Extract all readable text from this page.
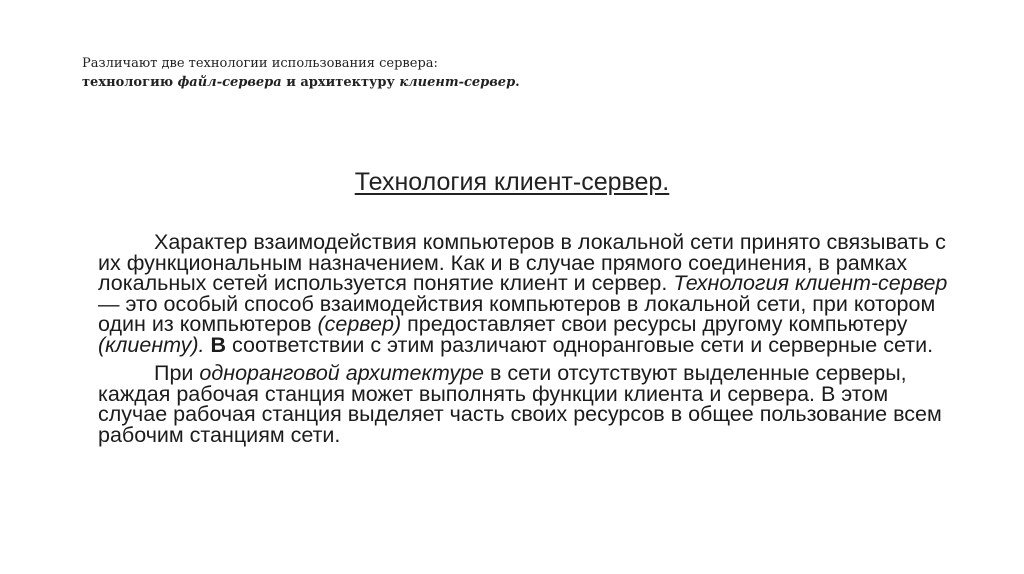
Различают две технологии использования сервера:
технологию файл-сервера и архитектуру клиент-сервер.
Технология клиент-сервер.

Характер взаимодействия компьютеров в локальной сети принято связывать с их функциональным назначением. Как и в случае прямого соединения, в рамках локальных сетей используется понятие клиент и сервер. Технология клиент-сервер — это особый способ взаимодействия компьютеров в локальной сети, при котором один из компьютеров (сервер) предоставляет свои ресурсы другому компьютеру (клиенту). В соответствии с этим различают одноранговые сети и серверные сети.

При одноранговой архитектуре в сети отсутствуют выделенные серверы, каждая рабочая станция может выполнять функции клиента и сервера. В этом случае рабочая станция выделяет часть своих ресурсов в общее пользование всем рабочим станциям сети.
